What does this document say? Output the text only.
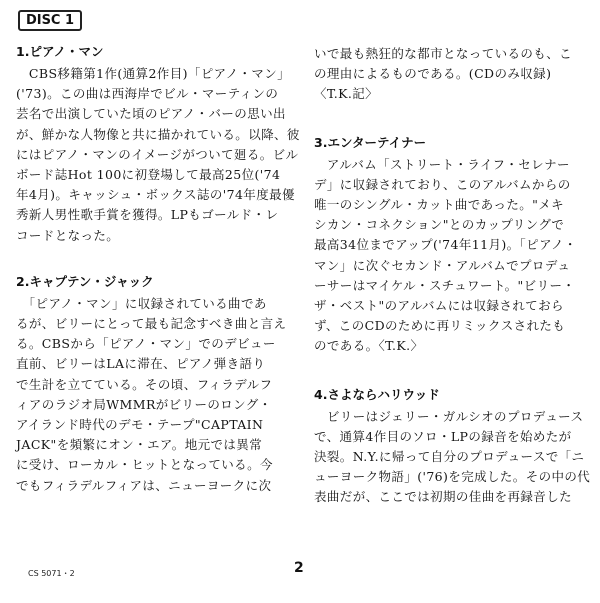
DISC 1
1.ピアノ・マン
　CBS移籍第1作(通算2作目)「ピアノ・マン」
('73)。この曲は西海岸でビル・マーティンの
芸名で出演していた頃のピアノ・バーの思い出
が、鮮かな人物像と共に描かれている。以降、彼
にはピアノ・マンのイメージがついて廻る。ビル
ボード誌Hot 100に初登場して最高25位('74
年4月)。キャッシュ・ボックス誌の'74年度最優
秀新人男性歌手賞を獲得。LPもゴールド・レ
コードとなった。
2.キャプテン・ジャック
　「ピアノ・マン」に収録されている曲であ
るが、ビリーにとって最も記念すべき曲と言え
る。CBSから「ピアノ・マン」でのデビュー
直前、ビリーはLAに滞在、ピアノ弾き語り
で生計を立てている。その頃、フィラデルフ
ィアのラジオ局WMMRがビリーのロング・
アイランド時代のデモ・テープ"CAPTAIN
JACK"を頻繁にオン・エア。地元では異常
に受け、ローカル・ヒットとなっている。今
でもフィラデルフィアは、ニューヨークに次
いで最も熱狂的な都市となっているのも、こ
の理由によるものである。(CDのみ収録)
〈T.K.記〉
3.エンターテイナー
　アルバム「ストリート・ライフ・セレナー
デ」に収録されており、このアルバムからの
唯一のシングル・カット曲であった。"メキ
シカン・コネクション"とのカップリングで
最高34位までアップ('74年11月)。「ピアノ・
マン」に次ぐセカンド・アルバムでプロデュ
ーサーはマイケル・スチュワート。"ビリー・
ザ・ベスト"のアルバムには収録されておら
ず、このCDのために再リミックスされたも
のである。〈T.K.〉
4.さよならハリウッド
　ビリーはジェリー・ガルシオのプロデュース
で、通算4作目のソロ・LPの録音を始めたが
決裂。N.Y.に帰って自分のプロデュースで「ニ
ューヨーク物語」('76)を完成した。その中の代
表曲だが、ここでは初期の佳曲を再録音した
CS 5071・2	2
